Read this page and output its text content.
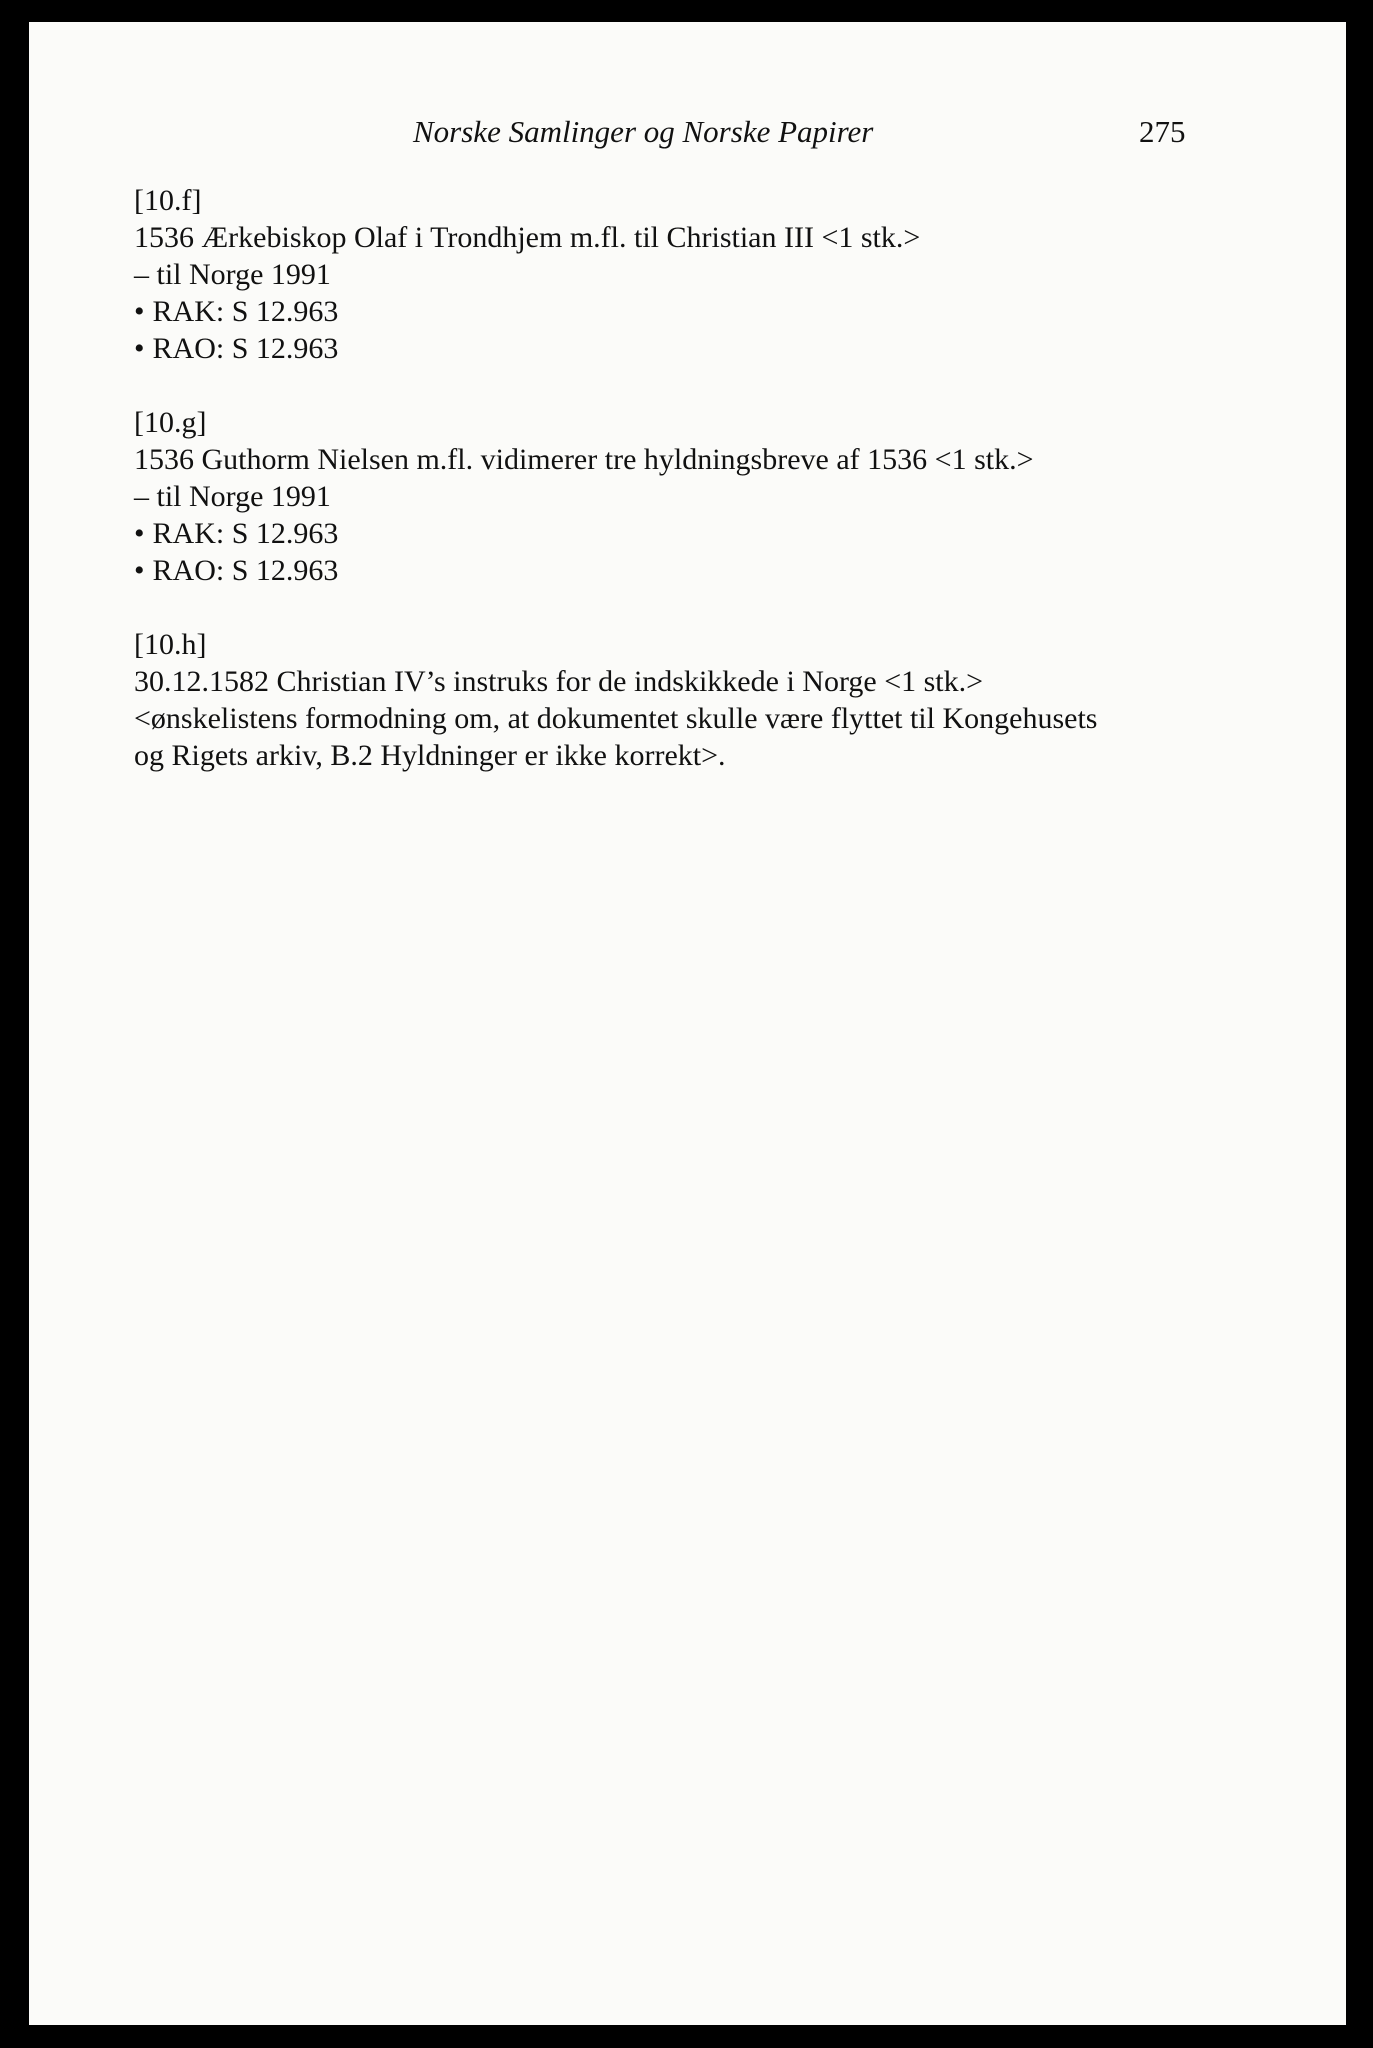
Norske Samlinger og Norske Papirer	275
[10.f]
1536 Ærkebiskop Olaf i Trondhjem m.fl. til Christian III <1 stk.>
– til Norge 1991
• RAK: S 12.963
• RAO: S 12.963
[10.g]
1536 Guthorm Nielsen m.fl. vidimerer tre hyldningsbreve af 1536 <1 stk.>
– til Norge 1991
• RAK: S 12.963
• RAO: S 12.963
[10.h]
30.12.1582 Christian IV’s instruks for de indskikkede i Norge <1 stk.>
<ønskelistens formodning om, at dokumentet skulle være flyttet til Kongehusets
og Rigets arkiv, B.2 Hyldninger er ikke korrekt>.
